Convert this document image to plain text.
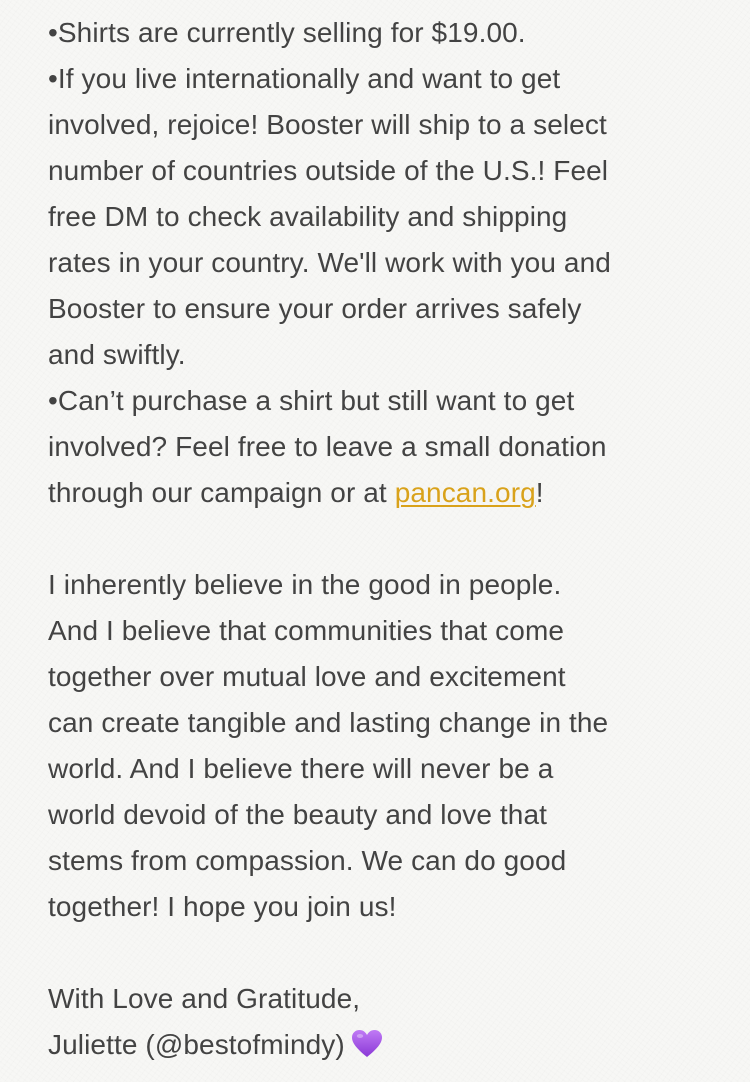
•Shirts are currently selling for $19.00.
•If you live internationally and want to get
involved, rejoice! Booster will ship to a select
number of countries outside of the U.S.! Feel
free DM to check availability and shipping
rates in your country. We'll work with you and
Booster to ensure your order arrives safely
and swiftly.
•Can’t purchase a shirt but still want to get
involved? Feel free to leave a small donation
through our campaign or at pancan.org!
I inherently believe in the good in people.
And I believe that communities that come
together over mutual love and excitement
can create tangible and lasting change in the
world. And I believe there will never be a
world devoid of the beauty and love that
stems from compassion. We can do good
together! I hope you join us!
With Love and Gratitude,
Juliette (@bestofmindy)
